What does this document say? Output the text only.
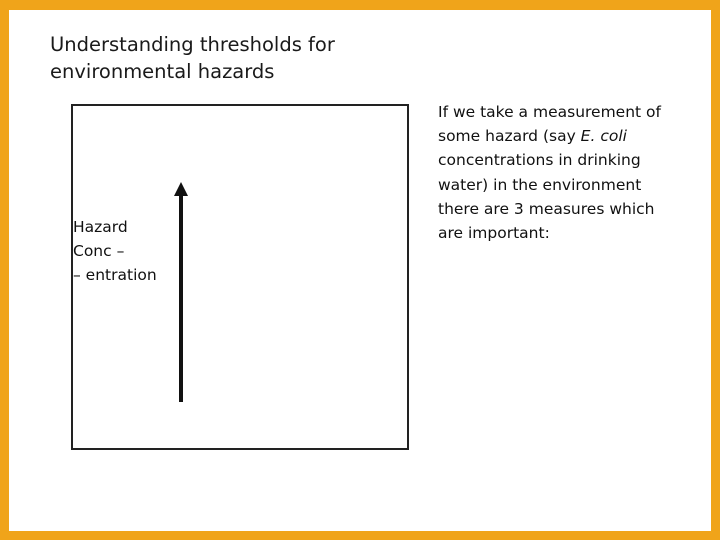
Understanding thresholds for environmental hazards
Hazard
Conc –
– entration

If we take a measurement of some hazard (say E. coli concentrations in drinking water) in the environment there are 3 measures which are important:
